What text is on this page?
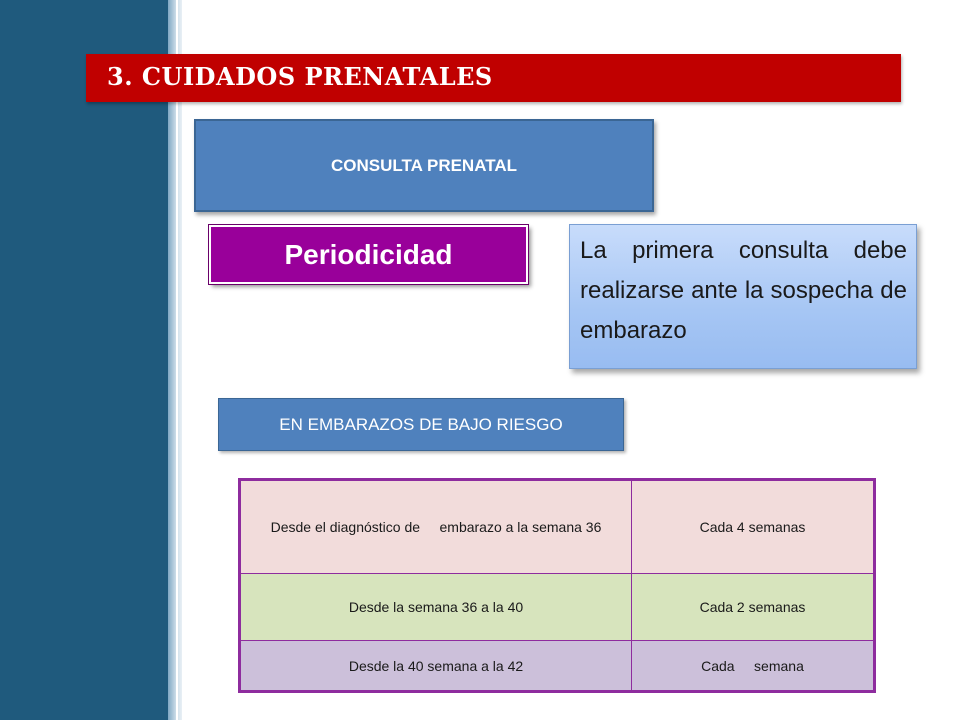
3. CUIDADOS PRENATALES
CONSULTA PRENATAL
Periodicidad	La primera consulta debe realizarse ante la sospecha de embarazo

EN EMBARAZOS DE BAJO RIESGO
Desde el diagnóstico de     embarazo a la semana 36	Cada 4 semanas
Desde la semana 36 a la 40	Cada 2 semanas
Desde la 40 semana a la 42	Cada     semana
